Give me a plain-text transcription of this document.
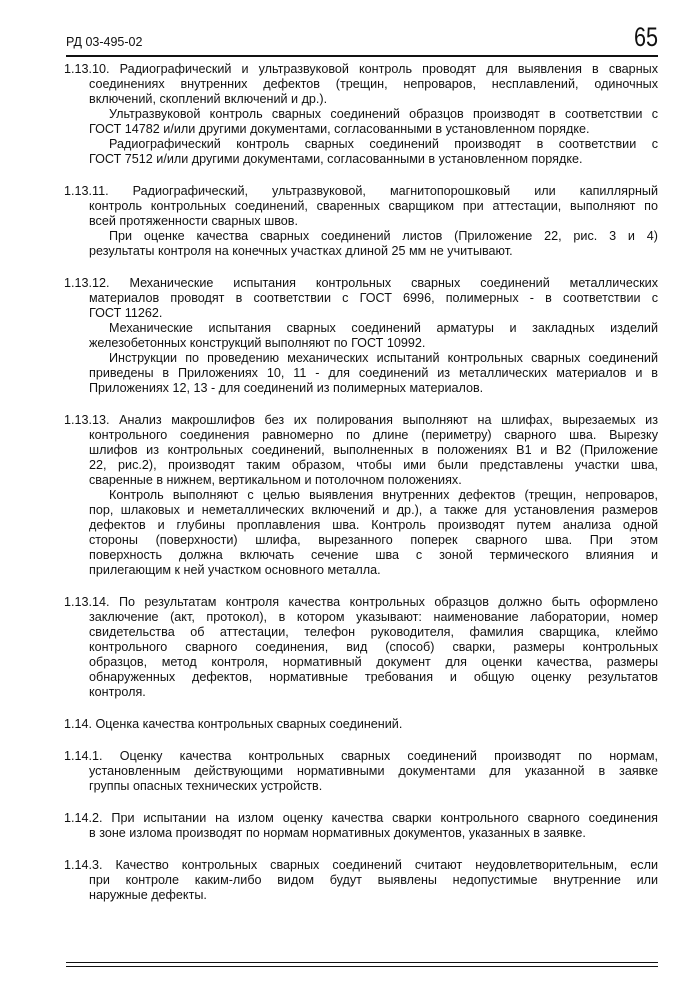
РД 03-495-02	65
1.13.10. Радиографический и ультразвуковой контроль проводят для выявления в сварных
соединениях внутренних дефектов (трещин, непроваров, несплавлений, одиночных
включений, скоплений включений и др.).
Ультразвуковой контроль сварных соединений образцов производят в соответствии с
ГОСТ 14782 и/или другими документами, согласованными в установленном порядке.
Радиографический контроль сварных соединений производят в соответствии с
ГОСТ 7512 и/или другими документами, согласованными в установленном порядке.
1.13.11. Радиографический, ультразвуковой, магнитопорошковый или капиллярный
контроль контрольных соединений, сваренных сварщиком при аттестации, выполняют по
всей протяженности сварных швов.
При оценке качества сварных соединений листов (Приложение 22, рис. 3 и 4)
результаты контроля на конечных участках длиной 25 мм не учитывают.
1.13.12. Механические испытания контрольных сварных соединений металлических
материалов проводят в соответствии с ГОСТ 6996, полимерных - в соответствии с
ГОСТ 11262.
Механические испытания сварных соединений арматуры и закладных изделий
железобетонных конструкций выполняют по ГОСТ 10992.
Инструкции по проведению механических испытаний контрольных сварных соединений
приведены в Приложениях 10, 11 - для соединений из металлических материалов и в
Приложениях 12, 13 - для соединений из полимерных материалов.
1.13.13. Анализ макрошлифов без их полирования выполняют на шлифах, вырезаемых из
контрольного соединения равномерно по длине (периметру) сварного шва. Вырезку
шлифов из контрольных соединений, выполненных в положениях В1 и В2 (Приложение
22, рис.2), производят таким образом, чтобы ими были представлены участки шва,
сваренные в нижнем, вертикальном и потолочном положениях.
Контроль выполняют с целью выявления внутренних дефектов (трещин, непроваров,
пор, шлаковых и неметаллических включений и др.), а также для установления размеров
дефектов и глубины проплавления шва. Контроль производят путем анализа одной
стороны (поверхности) шлифа, вырезанного поперек сварного шва. При этом
поверхность должна включать сечение шва с зоной термического влияния и
прилегающим к ней участком основного металла.
1.13.14. По результатам контроля качества контрольных образцов должно быть оформлено
заключение (акт, протокол), в котором указывают: наименование лаборатории, номер
свидетельства об аттестации, телефон руководителя, фамилия сварщика, клеймо
контрольного сварного соединения, вид (способ) сварки, размеры контрольных
образцов, метод контроля, нормативный документ для оценки качества, размеры
обнаруженных дефектов, нормативные требования и общую оценку результатов
контроля.
1.14. Оценка качества контрольных сварных соединений.
1.14.1. Оценку качества контрольных сварных соединений производят по нормам,
установленным действующими нормативными документами для указанной в заявке
группы опасных технических устройств.
1.14.2. При испытании на излом оценку качества сварки контрольного сварного соединения
в зоне излома производят по нормам нормативных документов, указанных в заявке.
1.14.3. Качество контрольных сварных соединений считают неудовлетворительным, если
при контроле каким-либо видом будут выявлены недопустимые внутренние или
наружные дефекты.
